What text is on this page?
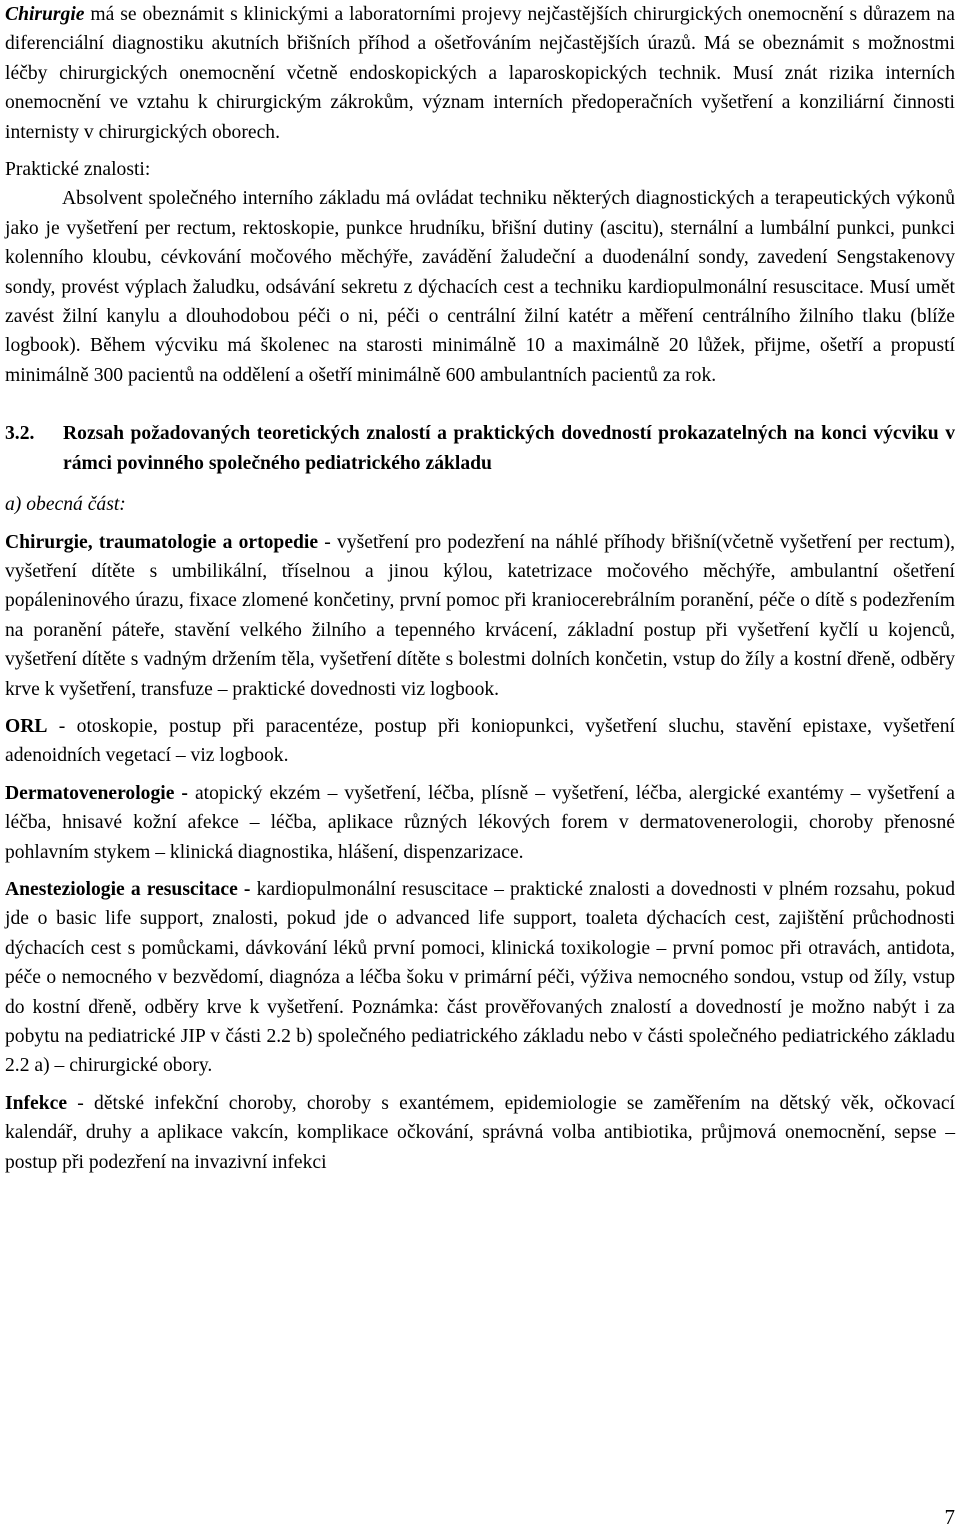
Chirurgie má se obeznámit s klinickými a laboratorními projevy nejčastějších chirurgických onemocnění s důrazem na diferenciální diagnostiku akutních břišních příhod a ošetřováním nejčastějších úrazů. Má se obeznámit s možnostmi léčby chirurgických onemocnění včetně endoskopických a laparoskopických technik. Musí znát rizika interních onemocnění ve vztahu k chirurgickým zákrokům, význam interních předoperačních vyšetření a konziliární činnosti internisty v chirurgických oborech.

Praktické znalosti:

Absolvent společného interního základu má ovládat techniku některých diagnostických a terapeutických výkonů jako je vyšetření per rectum, rektoskopie, punkce hrudníku, břišní dutiny (ascitu), sternální a lumbální punkci, punkci kolenního kloubu, cévkování močového měchýře, zavádění žaludeční a duodenální sondy, zavedení Sengstakenovy sondy, provést výplach žaludku, odsávání sekretu z dýchacích cest a techniku kardiopulmonální resuscitace. Musí umět zavést žilní kanylu a dlouhodobou péči o ni, péči o centrální žilní katétr a měření centrálního žilního tlaku (blíže logbook). Během výcviku má školenec na starosti minimálně 10 a maximálně 20 lůžek, přijme, ošetří a propustí minimálně 300 pacientů na oddělení a ošetří minimálně 600 ambulantních pacientů za rok.

3.2.	Rozsah požadovaných teoretických znalostí a praktických dovedností prokazatelných na konci výcviku v rámci povinného společného pediatrického základu

a) obecná část:

Chirurgie, traumatologie a ortopedie - vyšetření pro podezření na náhlé příhody břišní(včetně vyšetření per rectum), vyšetření dítěte s umbilikální, tříselnou a jinou kýlou, katetrizace močového měchýře, ambulantní ošetření popáleninového úrazu, fixace zlomené končetiny, první pomoc při kraniocerebrálním poranění, péče o dítě s podezřením na poranění páteře, stavění velkého žilního a tepenného krvácení, základní postup při vyšetření kyčlí u kojenců, vyšetření dítěte s vadným držením těla, vyšetření dítěte s bolestmi dolních končetin, vstup do žíly a kostní dřeně, odběry krve k vyšetření, transfuze – praktické dovednosti viz logbook.

ORL - otoskopie, postup při paracentéze, postup při koniopunkci, vyšetření sluchu, stavění epistaxe, vyšetření adenoidních vegetací – viz logbook.

Dermatovenerologie - atopický ekzém – vyšetření, léčba, plísně – vyšetření, léčba, alergické exantémy – vyšetření a léčba, hnisavé kožní afekce – léčba, aplikace různých lékových forem v dermatovenerologii, choroby přenosné pohlavním stykem – klinická diagnostika, hlášení, dispenzarizace.

Anesteziologie a resuscitace - kardiopulmonální resuscitace – praktické znalosti a dovednosti v plném rozsahu, pokud jde o basic life support, znalosti, pokud jde o advanced life support, toaleta dýchacích cest, zajištění průchodnosti dýchacích cest s pomůckami, dávkování léků první pomoci, klinická toxikologie – první pomoc při otravách, antidota, péče o nemocného v bezvědomí, diagnóza a léčba šoku v primární péči, výživa nemocného sondou, vstup od žíly, vstup do kostní dřeně, odběry krve k vyšetření. Poznámka: část prověřovaných znalostí a dovedností je možno nabýt i za pobytu na pediatrické JIP v části 2.2 b) společného pediatrického základu nebo v části společného pediatrického základu 2.2 a) – chirurgické obory.

Infekce - dětské infekční choroby, choroby s exantémem, epidemiologie se zaměřením na dětský věk, očkovací kalendář, druhy a aplikace vakcín, komplikace očkování, správná volba antibiotika, průjmová onemocnění, sepse – postup při podezření na invazivní infekci

7
